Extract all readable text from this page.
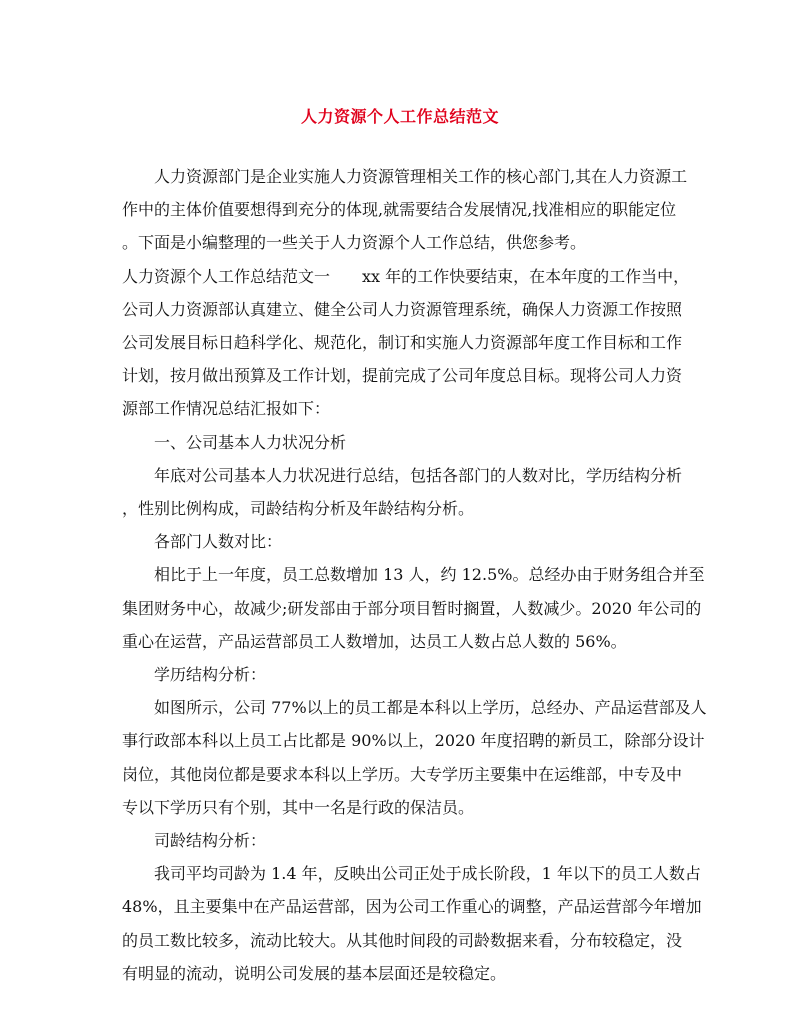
人力资源个人工作总结范文

人力资源部门是企业实施人力资源管理相关工作的核心部门,其在人力资源工

作中的主体价值要想得到充分的体现,就需要结合发展情况,找准相应的职能定位

。下面是小编整理的一些关于人力资源个人工作总结，供您参考。

人力资源个人工作总结范文一　　xx 年的工作快要结束，在本年度的工作当中，

公司人力资源部认真建立、健全公司人力资源管理系统，确保人力资源工作按照

公司发展目标日趋科学化、规范化，制订和实施人力资源部年度工作目标和工作

计划，按月做出预算及工作计划，提前完成了公司年度总目标。现将公司人力资

源部工作情况总结汇报如下：

一、公司基本人力状况分析

年底对公司基本人力状况进行总结，包括各部门的人数对比，学历结构分析

，性别比例构成，司龄结构分析及年龄结构分析。

各部门人数对比：

相比于上一年度，员工总数增加 13 人，约 12.5%。总经办由于财务组合并至

集团财务中心，故减少;研发部由于部分项目暂时搁置，人数减少。2020 年公司的

重心在运营，产品运营部员工人数增加，达员工人数占总人数的 56%。

学历结构分析：

如图所示，公司 77%以上的员工都是本科以上学历，总经办、产品运营部及人

事行政部本科以上员工占比都是 90%以上，2020 年度招聘的新员工，除部分设计

岗位，其他岗位都是要求本科以上学历。大专学历主要集中在运维部，中专及中

专以下学历只有个别，其中一名是行政的保洁员。

司龄结构分析：

我司平均司龄为 1.4 年，反映出公司正处于成长阶段，1 年以下的员工人数占

48%，且主要集中在产品运营部，因为公司工作重心的调整，产品运营部今年增加

的员工数比较多，流动比较大。从其他时间段的司龄数据来看，分布较稳定，没

有明显的流动，说明公司发展的基本层面还是较稳定。
